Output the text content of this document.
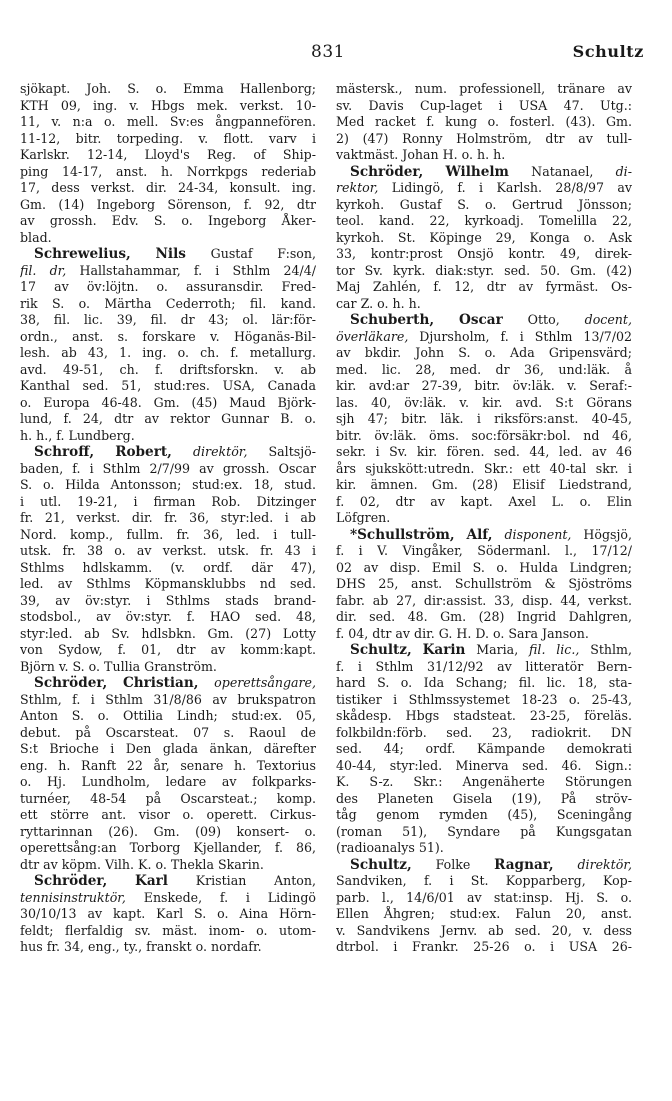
831	Schultz
sjökapt. Joh. S. o. Emma Hallenborg;
KTH 09, ing. v. Hbgs mek. verkst. 10-
11, v. n:a o. mell. Sv:es ångpannefören.
11-12, bitr. torpeding. v. flott. varv i
Karlskr. 12-14, Lloyd's Reg. of Ship-
ping 14-17, anst. h. Norrkpgs rederiab
17, dess verkst. dir. 24-34, konsult. ing.
Gm. (14) Ingeborg Sörenson, f. 92, dtr
av grossh. Edv. S. o. Ingeborg Åker-
blad.
Schrewelius, Nils Gustaf F:son,
fil. dr, Hallstahammar, f. i Sthlm 24/4/
17 av öv:löjtn. o. assuransdir. Fred-
rik S. o. Märtha Cederroth; fil. kand.
38, fil. lic. 39, fil. dr 43; ol. lär:för-
ordn., anst. s. forskare v. Höganäs-Bil-
lesh. ab 43, 1. ing. o. ch. f. metallurg.
avd. 49-51, ch. f. driftsforskn. v. ab
Kanthal sed. 51, stud:res. USA, Canada
o. Europa 46-48. Gm. (45) Maud Björk-
lund, f. 24, dtr av rektor Gunnar B. o.
h. h., f. Lundberg.
Schroff, Robert, direktör, Saltsjö-
baden, f. i Sthlm 2/7/99 av grossh. Oscar
S. o. Hilda Antonsson; stud:ex. 18, stud.
i utl. 19-21, i firman Rob. Ditzinger
fr. 21, verkst. dir. fr. 36, styr:led. i ab
Nord. komp., fullm. fr. 36, led. i tull-
utsk. fr. 38 o. av verkst. utsk. fr. 43 i
Sthlms hdlskamm. (v. ordf. där 47),
led. av Sthlms Köpmansklubbs nd sed.
39, av öv:styr. i Sthlms stads brand-
stodsbol., av öv:styr. f. HAO sed. 48,
styr:led. ab Sv. hdlsbkn. Gm. (27) Lotty
von Sydow, f. 01, dtr av komm:kapt.
Björn v. S. o. Tullia Granström.
Schröder, Christian, operettsångare,
Sthlm, f. i Sthlm 31/8/86 av brukspatron
Anton S. o. Ottilia Lindh; stud:ex. 05,
debut. på Oscarsteat. 07 s. Raoul de
S:t Brioche i Den glada änkan, därefter
eng. h. Ranft 22 år, senare h. Textorius
o. Hj. Lundholm, ledare av folkparks-
turnéer, 48-54 på Oscarsteat.; komp.
ett större ant. visor o. operett. Cirkus-
ryttarinnan (26). Gm. (09) konsert- o.
operettsång:an Torborg Kjellander, f. 86,
dtr av köpm. Vilh. K. o. Thekla Skarin.
Schröder, Karl Kristian Anton,
tennisinstruktör, Enskede, f. i Lidingö
30/10/13 av kapt. Karl S. o. Aina Hörn-
feldt; flerfaldig sv. mäst. inom- o. utom-
hus fr. 34, eng., ty., franskt o. nordafr.
mästersk., num. professionell, tränare av
sv. Davis Cup-laget i USA 47. Utg.:
Med racket f. kung o. fosterl. (43). Gm.
2) (47) Ronny Holmström, dtr av tull-
vaktmäst. Johan H. o. h. h.
Schröder, Wilhelm Natanael, di-
rektor, Lidingö, f. i Karlsh. 28/8/97 av
kyrkoh. Gustaf S. o. Gertrud Jönsson;
teol. kand. 22, kyrkoadj. Tomelilla 22,
kyrkoh. St. Köpinge 29, Konga o. Ask
33, kontr:prost Onsjö kontr. 49, direk-
tor Sv. kyrk. diak:styr. sed. 50. Gm. (42)
Maj Zahlén, f. 12, dtr av fyrmäst. Os-
car Z. o. h. h.
Schuberth, Oscar Otto, docent,
överläkare, Djursholm, f. i Sthlm 13/7/02
av bkdir. John S. o. Ada Gripensvärd;
med. lic. 28, med. dr 36, und:läk. å
kir. avd:ar 27-39, bitr. öv:läk. v. Seraf:-
las. 40, öv:läk. v. kir. avd. S:t Görans
sjh 47; bitr. läk. i riksförs:anst. 40-45,
bitr. öv:läk. öms. soc:försäkr:bol. nd 46,
sekr. i Sv. kir. fören. sed. 44, led. av 46
års sjukskött:utredn. Skr.: ett 40-tal skr. i
kir. ämnen. Gm. (28) Elisif Liedstrand,
f. 02, dtr av kapt. Axel L. o. Elin
Löfgren.
*Schullström, Alf, disponent, Högsjö,
f. i V. Vingåker, Södermanl. l., 17/12/
02 av disp. Emil S. o. Hulda Lindgren;
DHS 25, anst. Schullström & Sjöströms
fabr. ab 27, dir:assist. 33, disp. 44, verkst.
dir. sed. 48. Gm. (28) Ingrid Dahlgren,
f. 04, dtr av dir. G. H. D. o. Sara Janson.
Schultz, Karin Maria, fil. lic., Sthlm,
f. i Sthlm 31/12/92 av litteratör Bern-
hard S. o. Ida Schang; fil. lic. 18, sta-
tistiker i Sthlmssystemet 18-23 o. 25-43,
skådesp. Hbgs stadsteat. 23-25, föreläs.
folkbildn:förb. sed. 23, radiokrit. DN
sed. 44; ordf. Kämpande demokrati
40-44, styr:led. Minerva sed. 46. Sign.:
K. S-z. Skr.: Angenäherte Störungen
des Planeten Gisela (19), På ströv-
tåg genom rymden (45), Sceningång
(roman 51), Syndare på Kungsgatan
(radioanalys 51).
Schultz, Folke Ragnar, direktör,
Sandviken, f. i St. Kopparberg, Kop-
parb. l., 14/6/01 av stat:insp. Hj. S. o.
Ellen Åhgren; stud:ex. Falun 20, anst.
v. Sandvikens Jernv. ab sed. 20, v. dess
dtrbol. i Frankr. 25-26 o. i USA 26-
